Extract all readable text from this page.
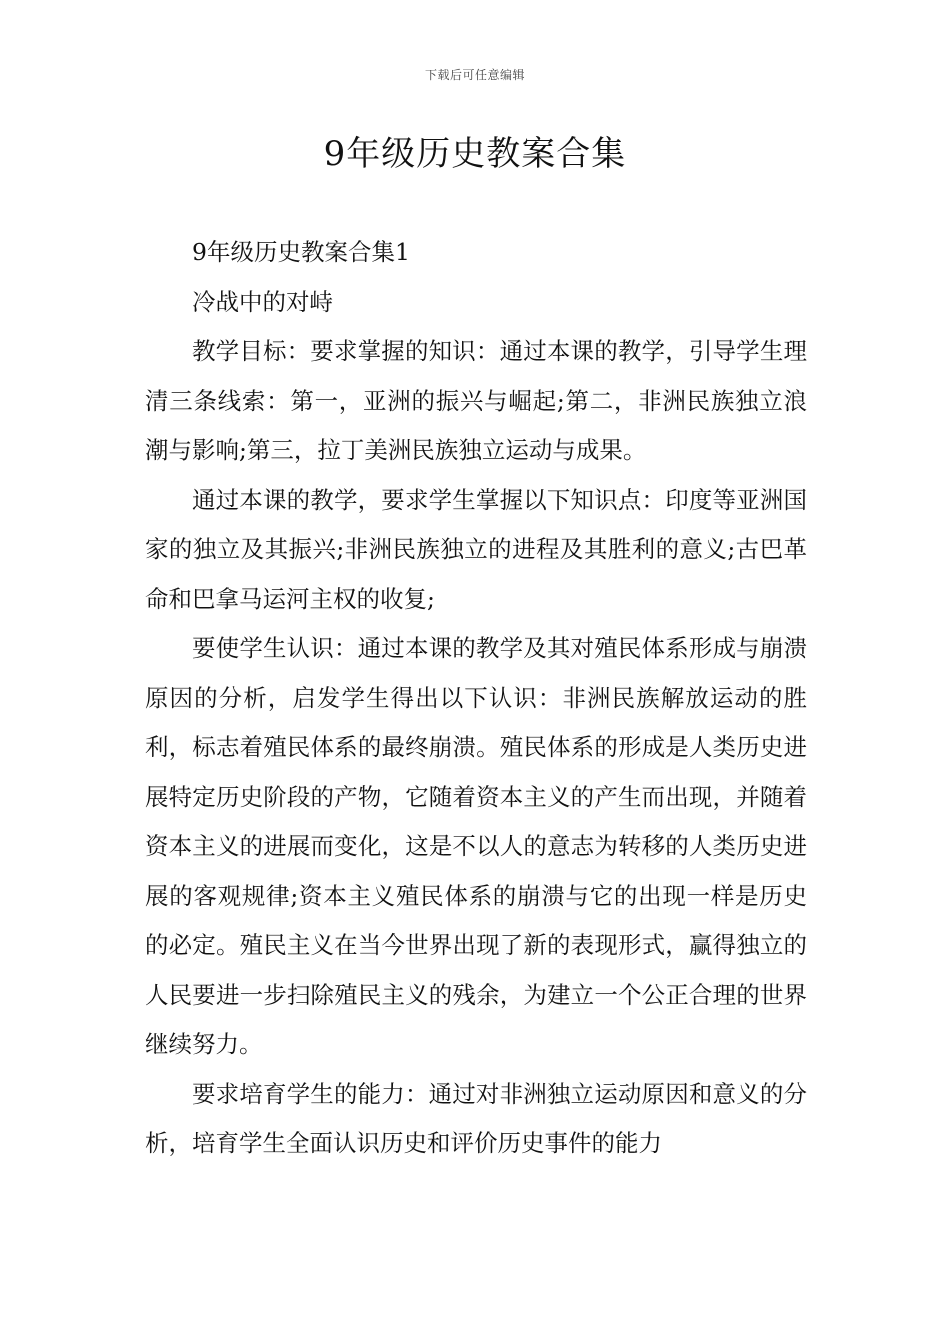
下载后可任意编辑
9年级历史教案合集

9年级历史教案合集1

冷战中的对峙

教学目标：要求掌握的知识：通过本课的教学，引导学生理清三条线索：第一，亚洲的振兴与崛起;第二，非洲民族独立浪潮与影响;第三，拉丁美洲民族独立运动与成果。

通过本课的教学，要求学生掌握以下知识点：印度等亚洲国家的独立及其振兴;非洲民族独立的进程及其胜利的意义;古巴革命和巴拿马运河主权的收复;

要使学生认识：通过本课的教学及其对殖民体系形成与崩溃原因的分析，启发学生得出以下认识：非洲民族解放运动的胜利，标志着殖民体系的最终崩溃。殖民体系的形成是人类历史进展特定历史阶段的产物，它随着资本主义的产生而出现，并随着资本主义的进展而变化，这是不以人的意志为转移的人类历史进展的客观规律;资本主义殖民体系的崩溃与它的出现一样是历史的必定。殖民主义在当今世界出现了新的表现形式，赢得独立的人民要进一步扫除殖民主义的残余，为建立一个公正合理的世界继续努力。

要求培育学生的能力：通过对非洲独立运动原因和意义的分析，培育学生全面认识历史和评价历史事件的能力
